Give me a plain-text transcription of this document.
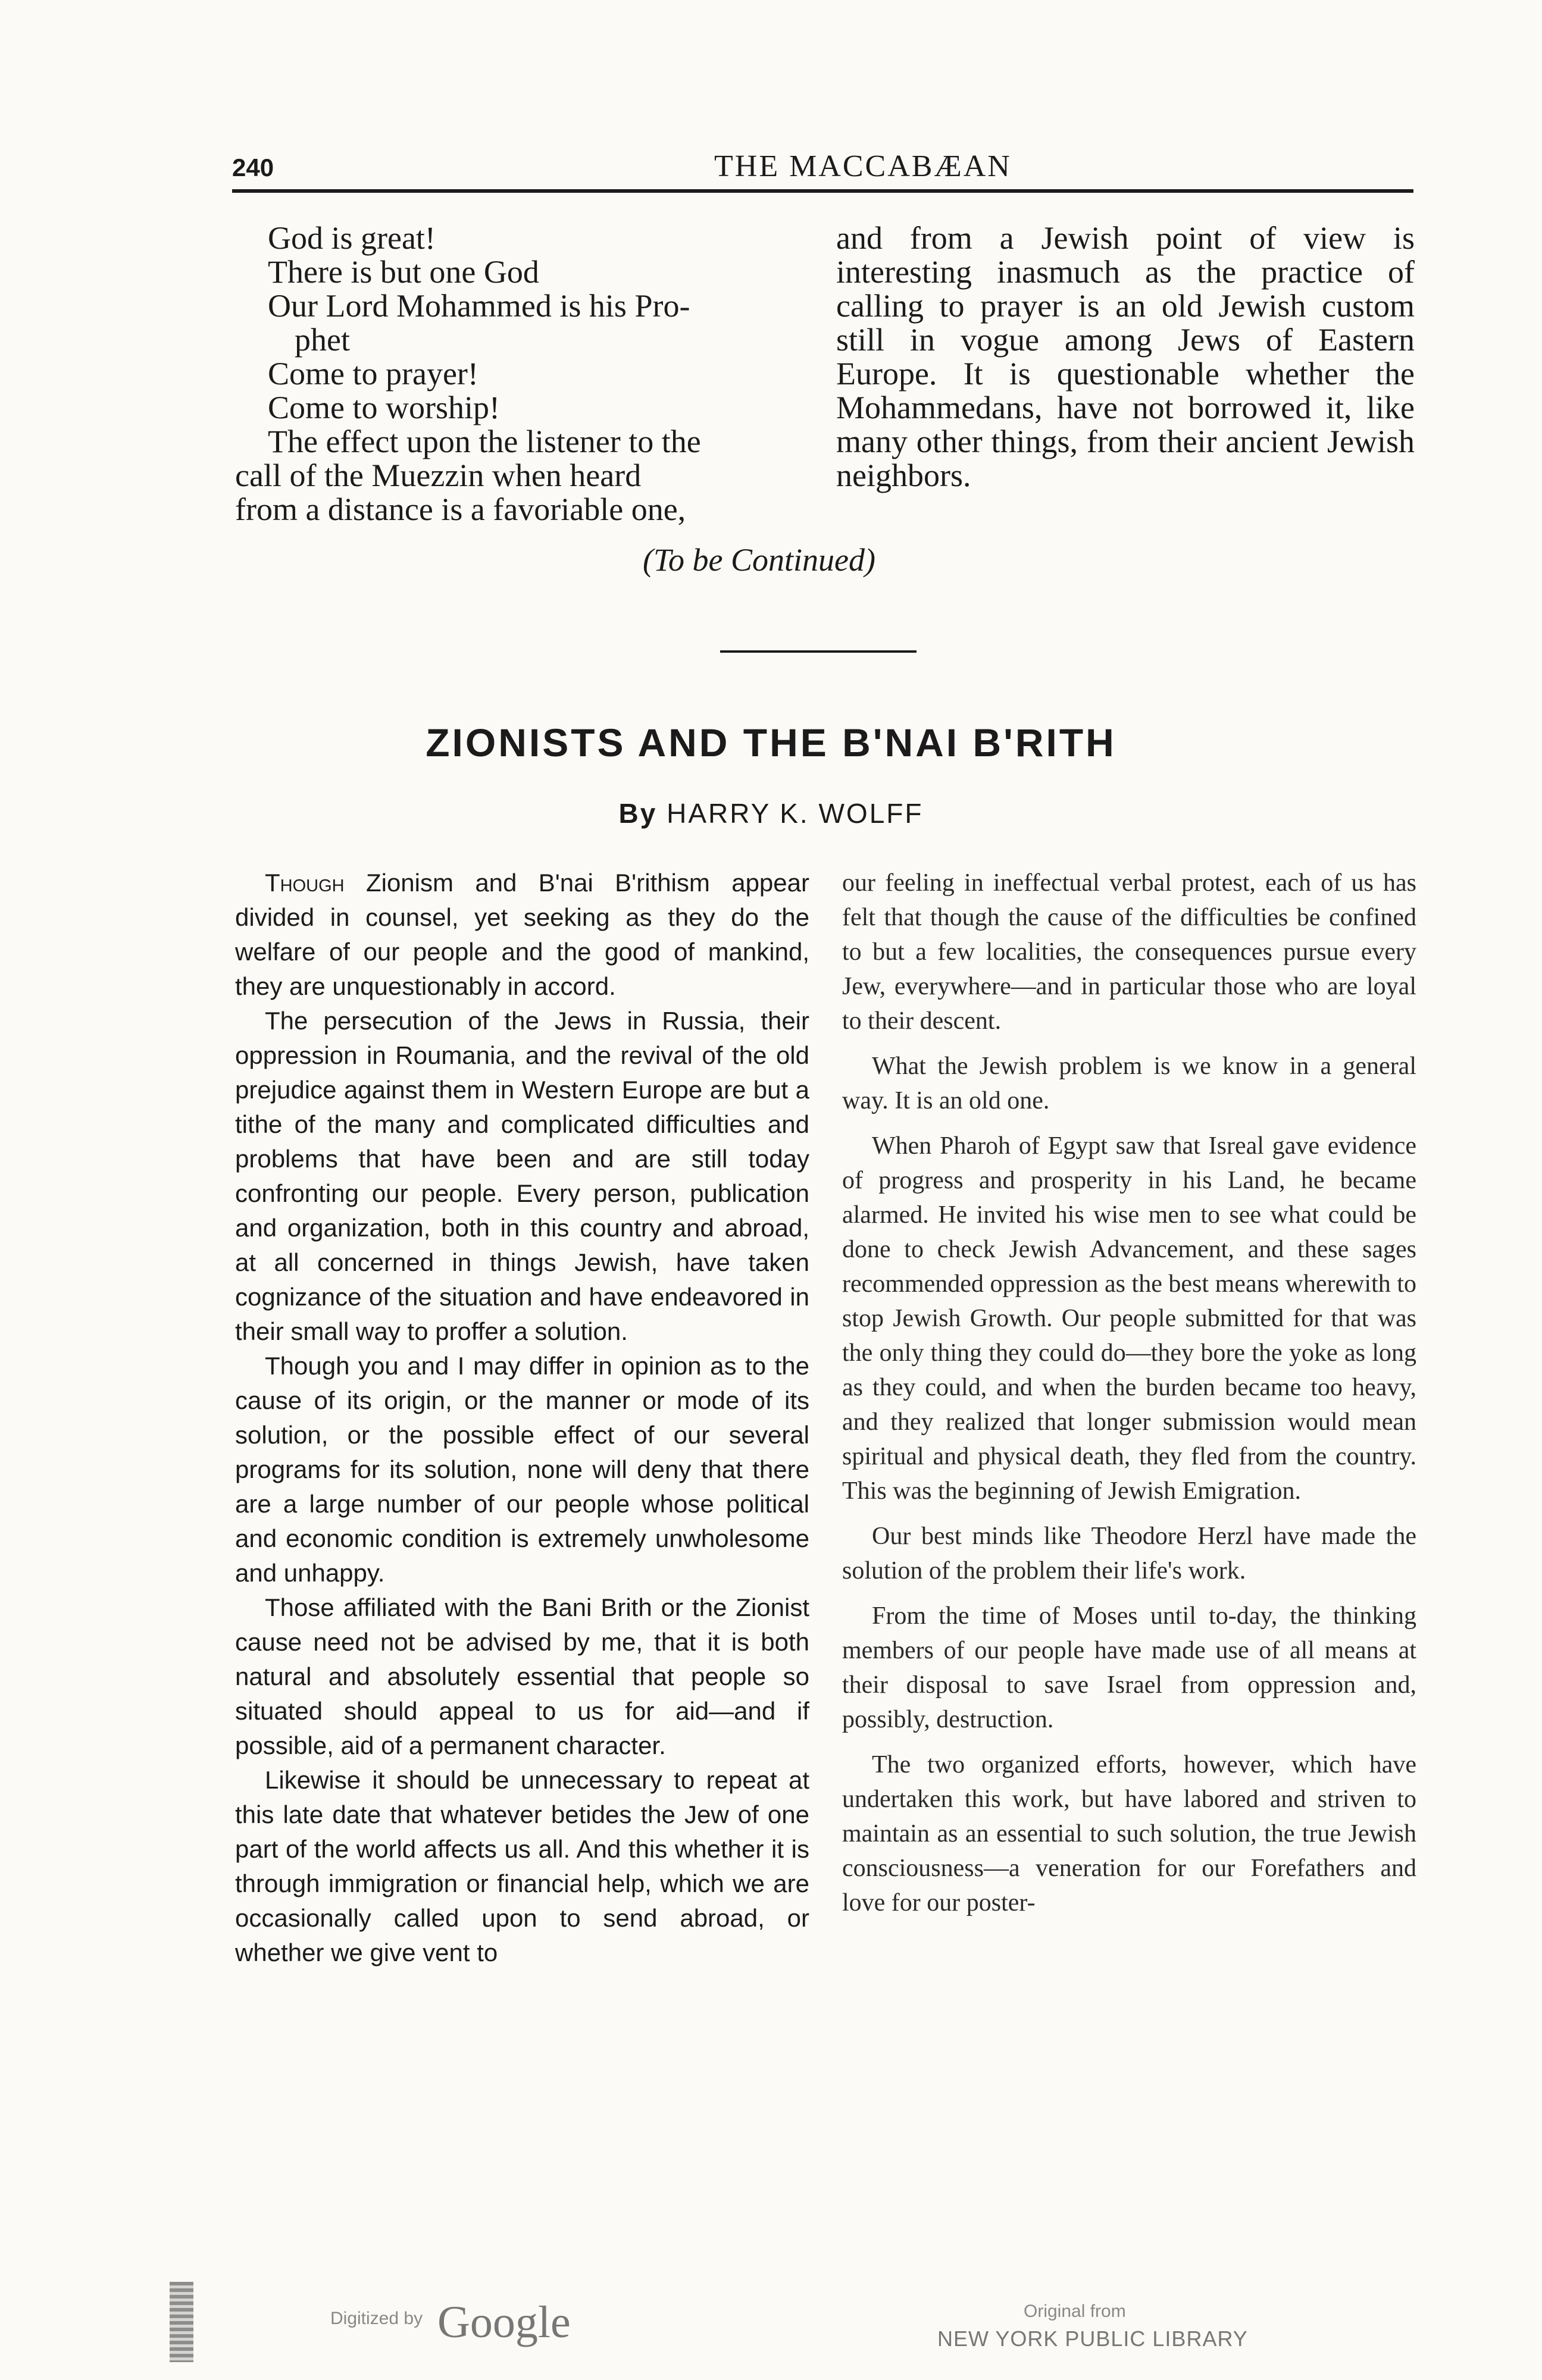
240	THE MACCABÆAN

God is great!

There is but one God

Our Lord Mohammed is his Pro-

phet

Come to prayer!

Come to worship!

The effect upon the listener to the

call of the Muezzin when heard

from a distance is a favoriable one,

and from a Jewish point of view is interesting inasmuch as the practice of calling to prayer is an old Jewish custom still in vogue among Jews of Eastern Europe. It is questionable whether the Mohammedans, have not borrowed it, like many other things, from their ancient Jewish neighbors.

(To be Continued)
ZIONISTS AND THE B'NAI B'RITH
By HARRY K. WOLFF

Though Zionism and B'nai B'rithism appear divided in counsel, yet seeking as they do the welfare of our people and the good of mankind, they are unquestionably in accord.

The persecution of the Jews in Russia, their oppression in Roumania, and the revival of the old prejudice against them in Western Europe are but a tithe of the many and complicated difficulties and problems that have been and are still today confronting our people. Every person, publication and organization, both in this country and abroad, at all concerned in things Jewish, have taken cognizance of the situation and have endeavored in their small way to proffer a solution.

Though you and I may differ in opinion as to the cause of its origin, or the manner or mode of its solution, or the possible effect of our several programs for its solution, none will deny that there are a large number of our people whose political and economic condition is extremely unwholesome and unhappy.

Those affiliated with the Bani Brith or the Zionist cause need not be advised by me, that it is both natural and absolutely essential that people so situated should appeal to us for aid—and if possible, aid of a permanent character.

Likewise it should be unnecessary to repeat at this late date that whatever betides the Jew of one part of the world affects us all. And this whether it is through immigration or financial help, which we are occasionally called upon to send abroad, or whether we give vent to

our feeling in ineffectual verbal protest, each of us has felt that though the cause of the difficulties be confined to but a few localities, the consequences pursue every Jew, everywhere—and in particular those who are loyal to their descent.

What the Jewish problem is we know in a general way. It is an old one.

When Pharoh of Egypt saw that Isreal gave evidence of progress and prosperity in his Land, he became alarmed. He invited his wise men to see what could be done to check Jewish Advancement, and these sages recommended oppression as the best means wherewith to stop Jewish Growth. Our people submitted for that was the only thing they could do—they bore the yoke as long as they could, and when the burden became too heavy, and they realized that longer submission would mean spiritual and physical death, they fled from the country. This was the beginning of Jewish Emigration.

Our best minds like Theodore Herzl have made the solution of the problem their life's work.

From the time of Moses until to-day, the thinking members of our people have made use of all means at their disposal to save Israel from oppression and, possibly, destruction.

The two organized efforts, however, which have undertaken this work, but have labored and striven to maintain as an essential to such solution, the true Jewish consciousness—a veneration for our Forefathers and love for our poster-

Digitized by Google	Original from
NEW YORK PUBLIC LIBRARY
